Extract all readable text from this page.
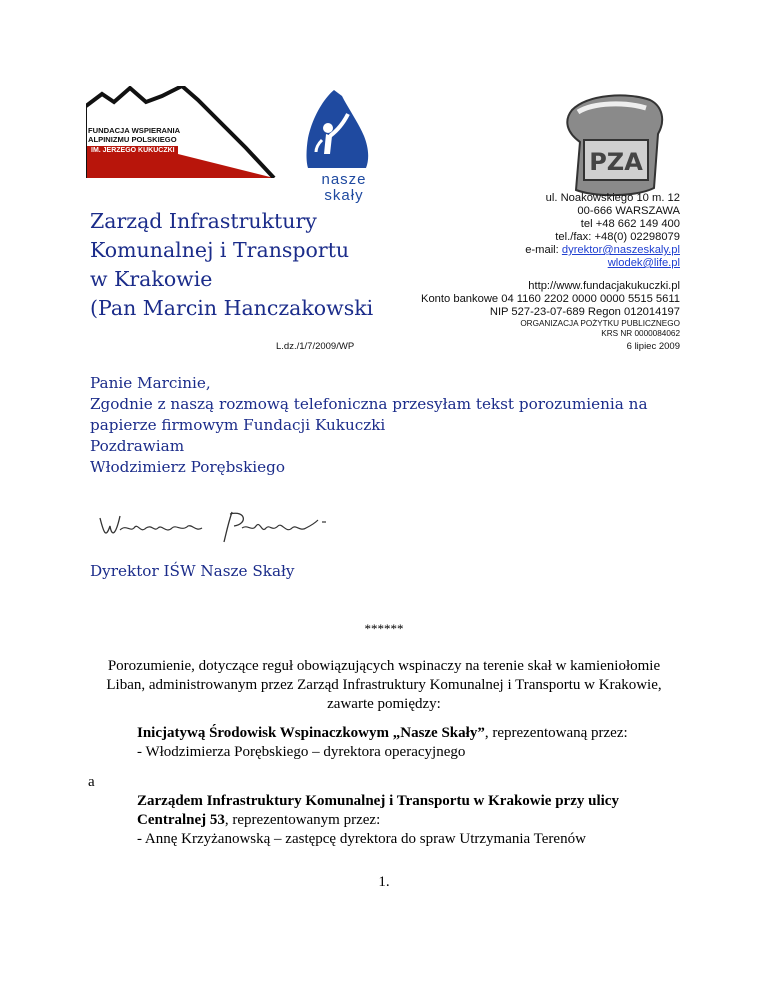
FUNDACJA WSPIERANIA
ALPINIZMU POLSKIEGO
IM. JERZEGO KUKUCZKI
nasze
skały
PZA
Zarząd Infrastruktury
Komunalnej i Transportu
w Krakowie
(Pan Marcin Hanczakowski
ul. Noakowskiego 10 m. 12
00-666 WARSZAWA
tel +48 662 149 400
tel./fax: +48(0) 02298079
e-mail: dyrektor@naszeskaly.pl
wlodek@life.pl
http://www.fundacjakukuczki.pl
Konto bankowe 04 1160 2202 0000 0000 5515 5611
NIP 527-23-07-689 Regon 012014197
ORGANIZACJA POŻYTKU PUBLICZNEGO
KRS NR 0000084062
L.dz./1/7/2009/WP	6 lipiec 2009
Panie Marcinie,
Zgodnie z naszą rozmową telefoniczna przesyłam tekst porozumienia na
papierze firmowym Fundacji Kukuczki
Pozdrawiam
Włodzimierz Porębskiego
Dyrektor IŚW Nasze Skały
******
Porozumienie, dotyczące reguł obowiązujących wspinaczy na terenie skał w kamieniołomie
Liban, administrowanym przez Zarząd Infrastruktury Komunalnej i Transportu w Krakowie,
zawarte pomiędzy:
Inicjatywą Środowisk Wspinaczkowym „Nasze Skały”, reprezentowaną przez:
- Włodzimierza Porębskiego – dyrektora operacyjnego
a
Zarządem Infrastruktury Komunalnej i Transportu w Krakowie przy ulicy
Centralnej 53, reprezentowanym przez:
- Annę Krzyżanowską – zastępcę dyrektora do spraw Utrzymania Terenów
1.
